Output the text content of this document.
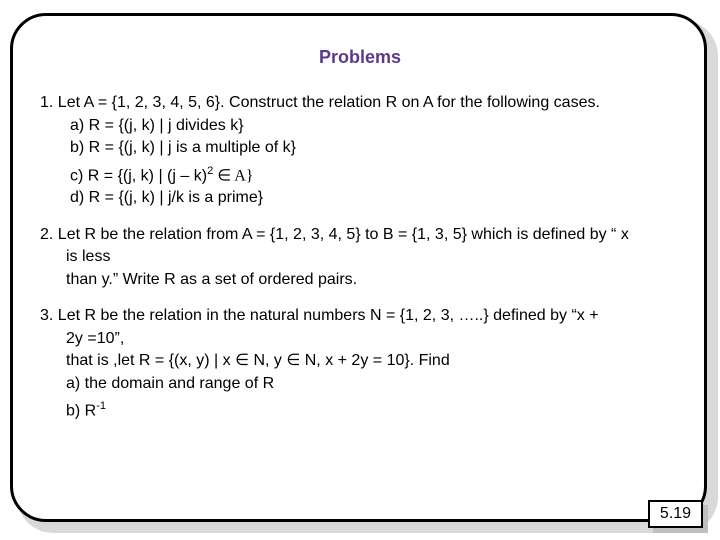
Problems
1. Let A = {1, 2, 3, 4, 5, 6}. Construct the relation R on A for the following cases.
a) R = {(j, k) | j divides k}
b) R = {(j, k) | j is a multiple of k}
c) R = {(j, k) | (j – k)$^2$ ∈ A}
d) R = {(j, k) | j/k is a prime}
2. Let R be the relation from A = {1, 2, 3, 4, 5} to B = {1, 3, 5} which is defined by “ x
is less
than y.” Write R as a set of ordered pairs.
3. Let R be the relation in the natural numbers N = {1, 2, 3, …..} defined by “x +
2y =10”,
that is ,let R = {(x, y) | x ∈ N, y ∈ N, x + 2y = 10}. Find
a) the domain and range of R
b) $R^{-1}$
5.19
